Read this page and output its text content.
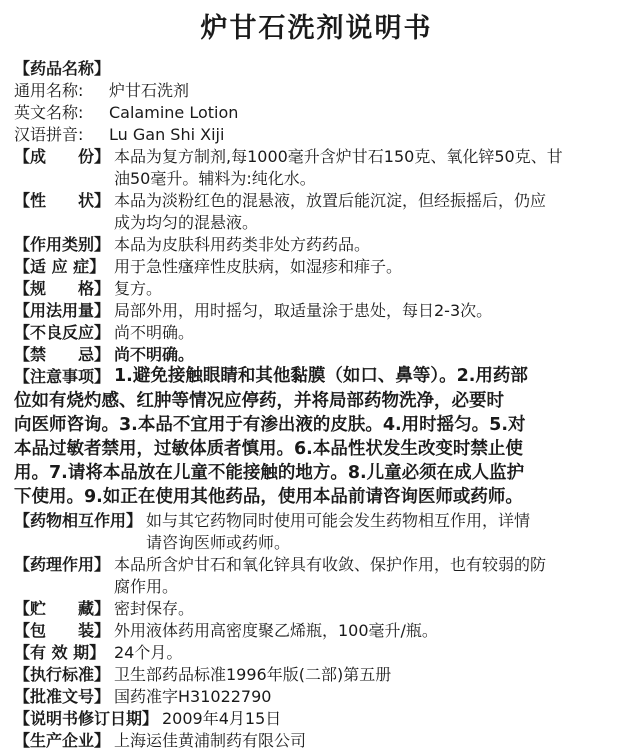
炉甘石洗剂说明书
【药品名称】
通用名称: 炉甘石洗剂
英文名称: Calamine Lotion
汉语拼音: Lu Gan Shi Xiji
【成　　份】 本品为复方制剂,每1000毫升含炉甘石150克、氧化锌50克、甘
油50毫升。辅料为:纯化水。
【性　　状】 本品为淡粉红色的混悬液，放置后能沉淀，但经振摇后，仍应
成为均匀的混悬液。
【作用类别】 本品为皮肤科用药类非处方药药品。
【适 应 症】 用于急性瘙痒性皮肤病，如湿疹和痱子。
【规　　格】 复方。
【用法用量】 局部外用，用时摇匀，取适量涂于患处，每日2-3次。
【不良反应】 尚不明确。
【禁　　忌】 尚不明确。
【注意事项】 1.避免接触眼睛和其他黏膜（如口、鼻等）。2.用药部
位如有烧灼感、红肿等情况应停药，并将局部药物洗净，必要时
向医师咨询。3.本品不宜用于有渗出液的皮肤。4.用时摇匀。5.对
本品过敏者禁用，过敏体质者慎用。6.本品性状发生改变时禁止使
用。7.请将本品放在儿童不能接触的地方。8.儿童必须在成人监护
下使用。9.如正在使用其他药品，使用本品前请咨询医师或药师。
【药物相互作用】 如与其它药物同时使用可能会发生药物相互作用，详情
请咨询医师或药师。
【药理作用】 本品所含炉甘石和氧化锌具有收敛、保护作用，也有较弱的防
腐作用。
【贮　　藏】 密封保存。
【包　　装】 外用液体药用高密度聚乙烯瓶，100毫升/瓶。
【有 效 期】 24个月。
【执行标准】 卫生部药品标准1996年版(二部)第五册
【批准文号】 国药准字H31022790
【说明书修订日期】 2009年4月15日
【生产企业】 上海运佳黄浦制药有限公司
